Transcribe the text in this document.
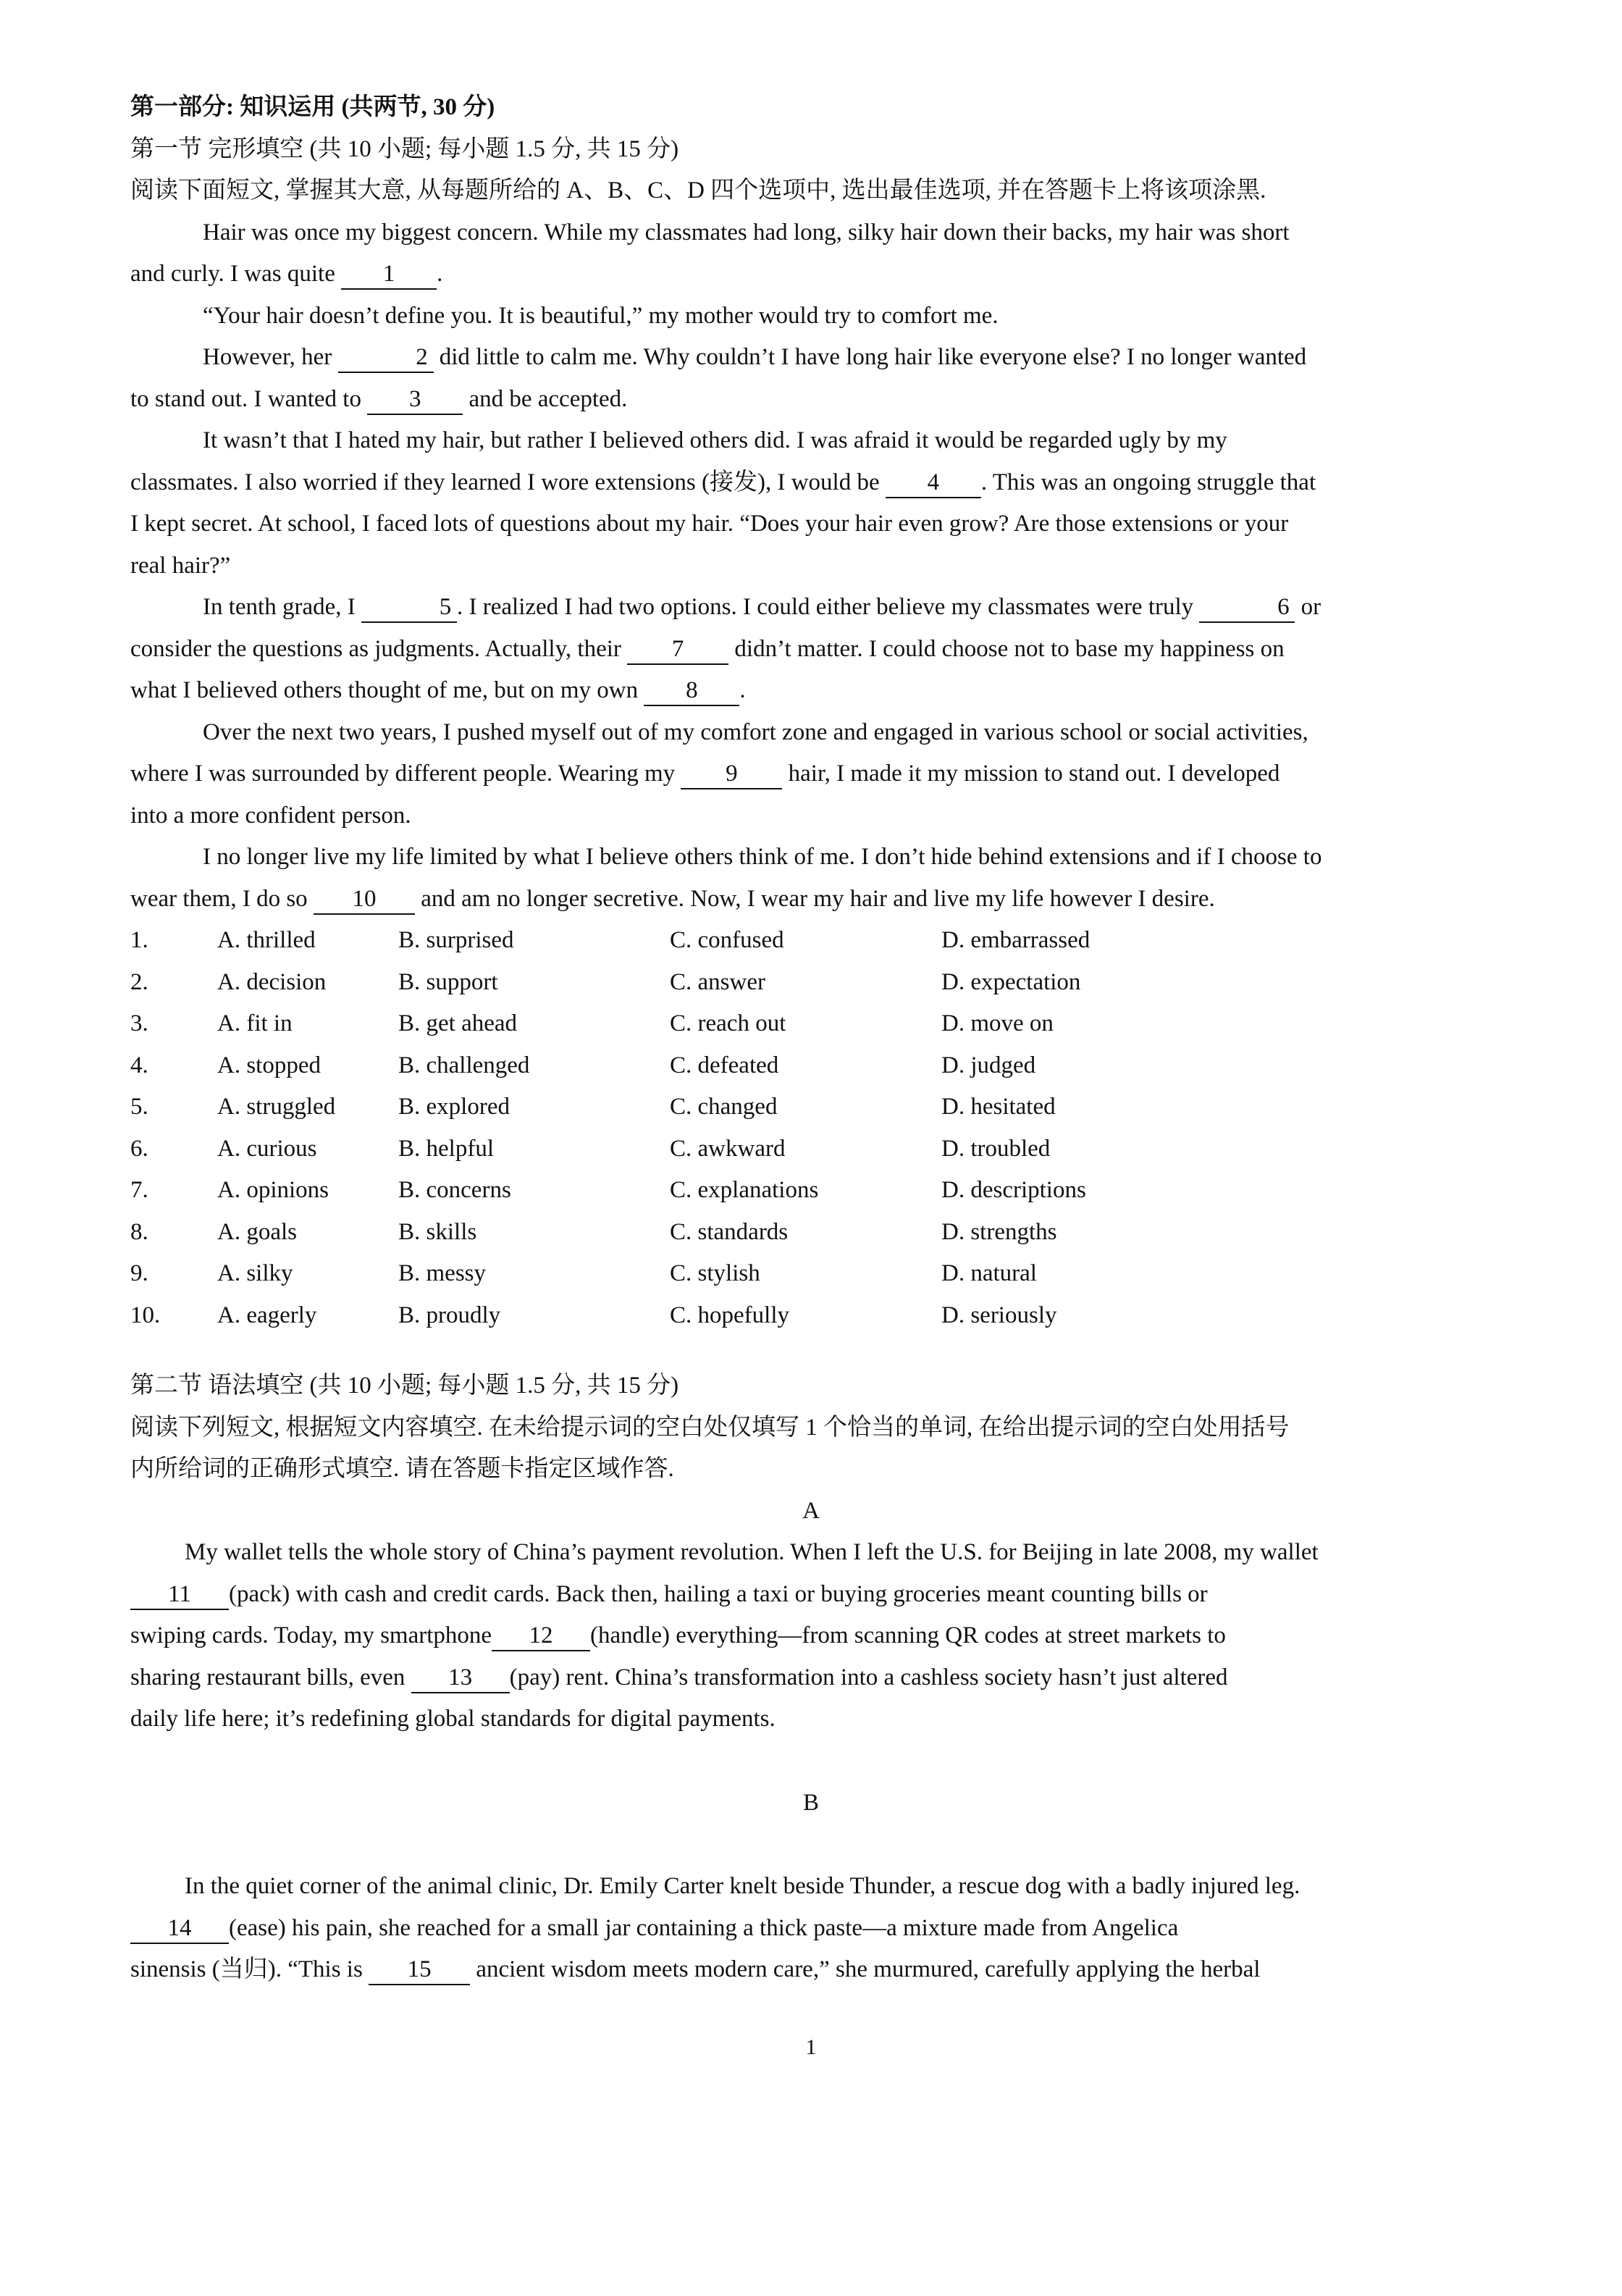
第一部分: 知识运用 (共两节, 30 分)
第一节 完形填空 (共 10 小题; 每小题 1.5 分, 共 15 分)
阅读下面短文, 掌握其大意, 从每题所给的 A、B、C、D 四个选项中, 选出最佳选项, 并在答题卡上将该项涂黑.
Hair was once my biggest concern. While my classmates had long, silky hair down their backs, my hair was short
and curly. I was quite 1 .
“Your hair doesn’t define you. It is beautiful,” my mother would try to comfort me.
However, her	2 did little to calm me. Why couldn’t I have long hair like everyone else? I no longer wanted
to stand out. I wanted to 3 and be accepted.
It wasn’t that I hated my hair, but rather I believed others did. I was afraid it would be regarded ugly by my
classmates. I also worried if they learned I wore extensions (接发), I would be 4 . This was an ongoing struggle that
I kept secret. At school, I faced lots of questions about my hair. “Does your hair even grow? Are those extensions or your
real hair?”
In tenth grade, I	5 . I realized I had two options. I could either believe my classmates were truly	6 or
consider the questions as judgments. Actually, their 7 didn’t matter. I could choose not to base my happiness on
what I believed others thought of me, but on my own 8 .
Over the next two years, I pushed myself out of my comfort zone and engaged in various school or social activities,
where I was surrounded by different people. Wearing my 9 hair, I made it my mission to stand out. I developed
into a more confident person.
I no longer live my life limited by what I believe others think of me. I don’t hide behind extensions and if I choose to
wear them, I do so 10 and am no longer secretive. Now, I wear my hair and live my life however I desire.
1.	A. thrilled	B. surprised	C. confused	D. embarrassed
2.	A. decision	B. support	C. answer	D. expectation
3.	A. fit in	B. get ahead	C. reach out	D. move on
4.	A. stopped	B. challenged	C. defeated	D. judged
5.	A. struggled	B. explored	C. changed	D. hesitated
6.	A. curious	B. helpful	C. awkward	D. troubled
7.	A. opinions	B. concerns	C. explanations	D. descriptions
8.	A. goals	B. skills	C. standards	D. strengths
9.	A. silky	B. messy	C. stylish	D. natural
10.	A. eagerly	B. proudly	C. hopefully	D. seriously
第二节 语法填空 (共 10 小题; 每小题 1.5 分, 共 15 分)
阅读下列短文, 根据短文内容填空. 在未给提示词的空白处仅填写 1 个恰当的单词, 在给出提示词的空白处用括号
内所给词的正确形式填空. 请在答题卡指定区域作答.
A
My wallet tells the whole story of China’s payment revolution. When I left the U.S. for Beijing in late 2008, my wallet
11 (pack) with cash and credit cards. Back then, hailing a taxi or buying groceries meant counting bills or
swiping cards. Today, my smartphone 12 (handle) everything—from scanning QR codes at street markets to
sharing restaurant bills, even 13 (pay) rent. China’s transformation into a cashless society hasn’t just altered
daily life here; it’s redefining global standards for digital payments.
B
In the quiet corner of the animal clinic, Dr. Emily Carter knelt beside Thunder, a rescue dog with a badly injured leg.
14 (ease) his pain, she reached for a small jar containing a thick paste—a mixture made from Angelica
sinensis (当归). “This is 15 ancient wisdom meets modern care,” she murmured, carefully applying the herbal
1
